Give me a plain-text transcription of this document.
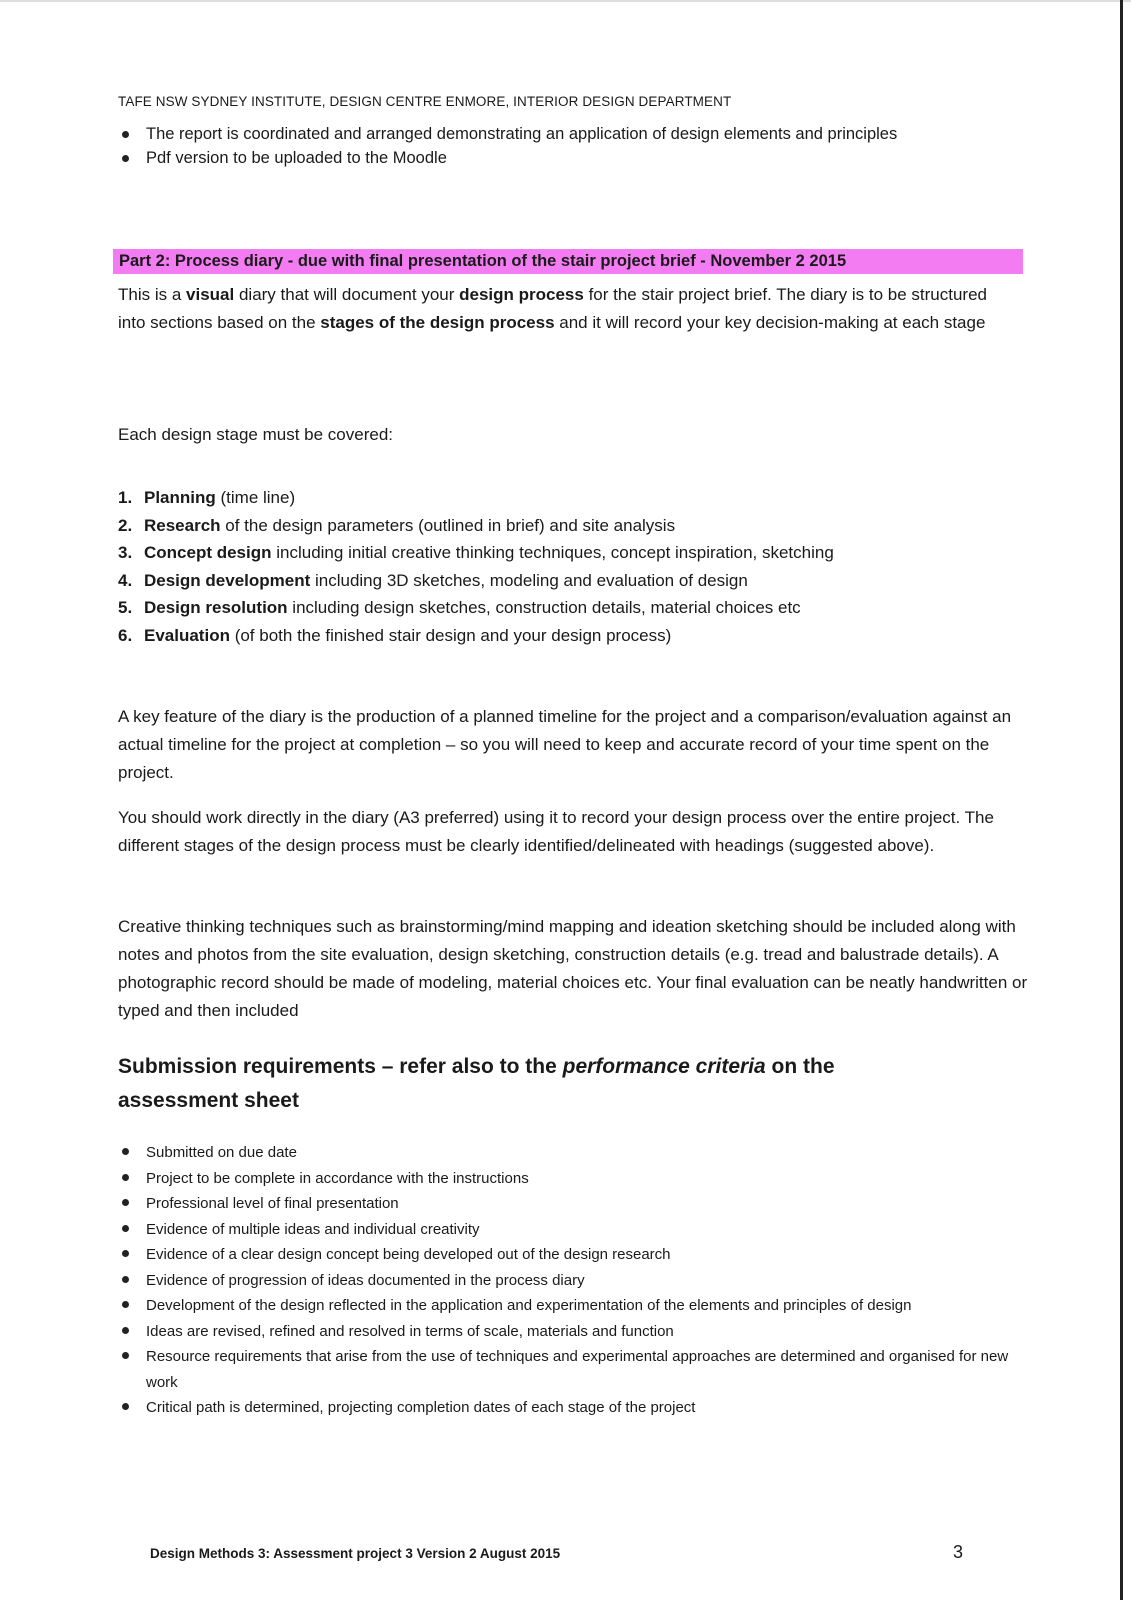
TAFE NSW SYDNEY INSTITUTE, DESIGN CENTRE ENMORE, INTERIOR DESIGN DEPARTMENT
The report is coordinated and arranged demonstrating an application of design elements and principles
Pdf version to be uploaded to the Moodle
Part 2: Process diary - due with final presentation of the stair project brief - November 2 2015
This is a visual diary that will document your design process for the stair project brief. The diary is to be structured into sections based on the stages of the design process and it will record your key decision-making at each stage
Each design stage must be covered:
1. Planning (time line)
2. Research of the design parameters (outlined in brief) and site analysis
3. Concept design including initial creative thinking techniques, concept inspiration, sketching
4. Design development including 3D sketches, modeling and evaluation of design
5. Design resolution including design sketches, construction details, material choices etc
6. Evaluation (of both the finished stair design and your design process)
A key feature of the diary is the production of a planned timeline for the project and a comparison/evaluation against an actual timeline for the project at completion – so you will need to keep and accurate record of your time spent on the project.
You should work directly in the diary (A3 preferred) using it to record your design process over the entire project. The different stages of the design process must be clearly identified/delineated with headings (suggested above).
Creative thinking techniques such as brainstorming/mind mapping and ideation sketching should be included along with notes and photos from the site evaluation, design sketching, construction details (e.g. tread and balustrade details). A photographic record should be made of modeling, material choices etc. Your final evaluation can be neatly handwritten or typed and then included
Submission requirements – refer also to the performance criteria on the assessment sheet
Submitted on due date
Project to be complete in accordance with the instructions
Professional level of final presentation
Evidence of multiple ideas and individual creativity
Evidence of a clear design concept being developed out of the design research
Evidence of progression of ideas documented in the process diary
Development of the design reflected in the application and experimentation of the elements and principles of design
Ideas are revised, refined and resolved in terms of scale, materials and function
Resource requirements that arise from the use of techniques and experimental approaches are determined and organised for new work
Critical path is determined, projecting completion dates of each stage of the project
Design Methods 3: Assessment project 3 Version 2 August 2015	3
